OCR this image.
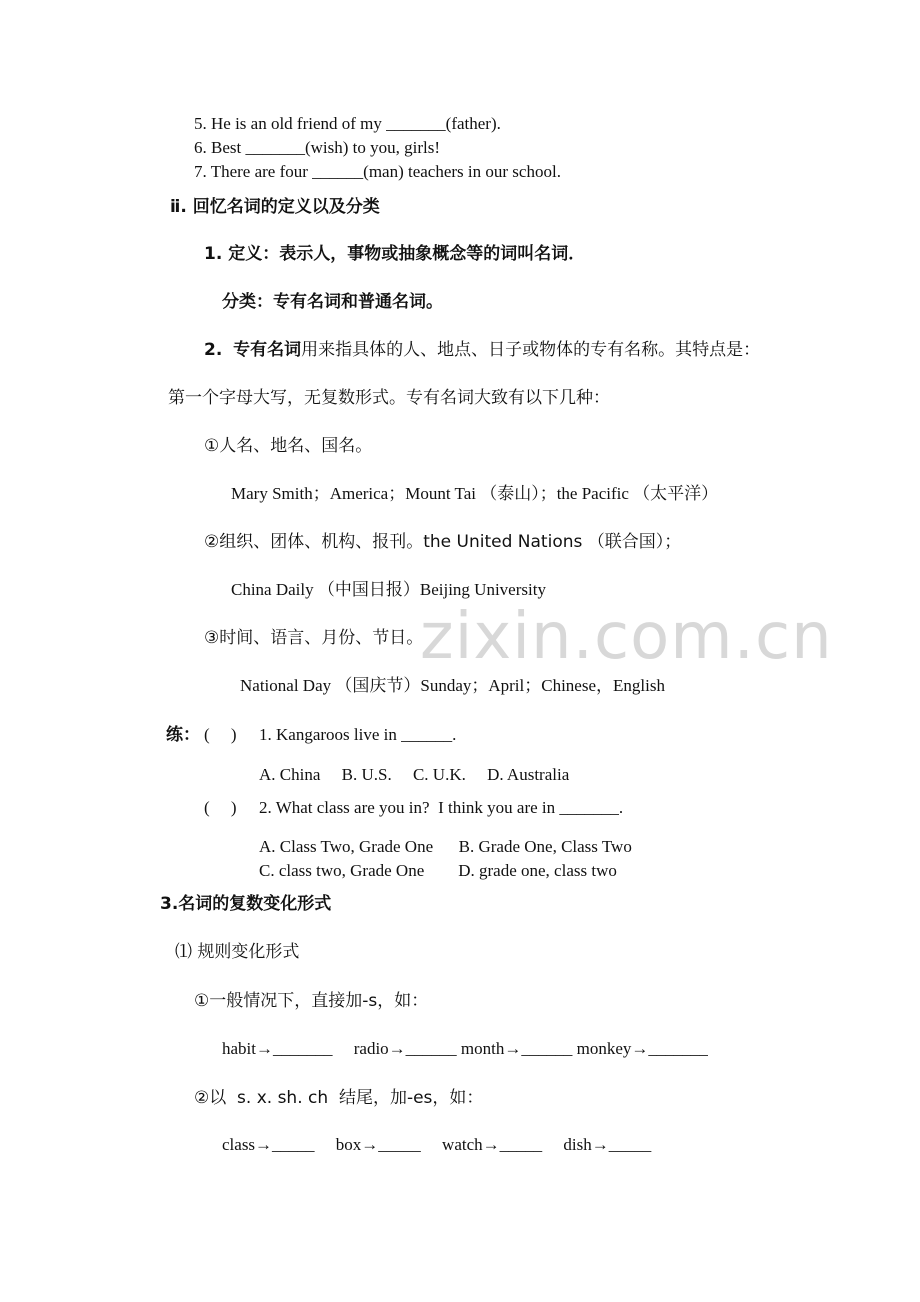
zixin.com.cn
5. He is an old friend of my _______(father).
6. Best _______(wish) to you, girls!
7. There are four ______(man) teachers in our school.
ⅱ. 回忆名词的定义以及分类
1. 定义：表示人，事物或抽象概念等的词叫名词．
分类：专有名词和普通名词。
2. 专有名词用来指具体的人、地点、日子或物体的专有名称。其特点是：
第一个字母大写，无复数形式。专有名词大致有以下几种：
①人名、地名、国名。
Mary Smith；America；Mount Tai （泰山）；the Pacific （太平洋）
②组织、团体、机构、报刊。the United Nations （联合国）；
China Daily （中国日报）Beijing University
③时间、语言、月份、节日。
National Day （国庆节）Sunday；April；Chinese，English
练： (     ) 1. Kangaroos live in ______.
A. China     B. U.S.     C. U.K.     D. Australia
(     ) 2. What class are you in?  I think you are in _______.
A. Class Two, Grade One      B. Grade One, Class Two
C. class two, Grade One        D. grade one, class two
3.名词的复数变化形式
⑴ 规则变化形式
①一般情况下，直接加-s，如：
habit→_______     radio→______ month→______ monkey→_______
②以  s. x. sh. ch  结尾，加-es，如：
class→_____     box→_____     watch→_____     dish→_____
